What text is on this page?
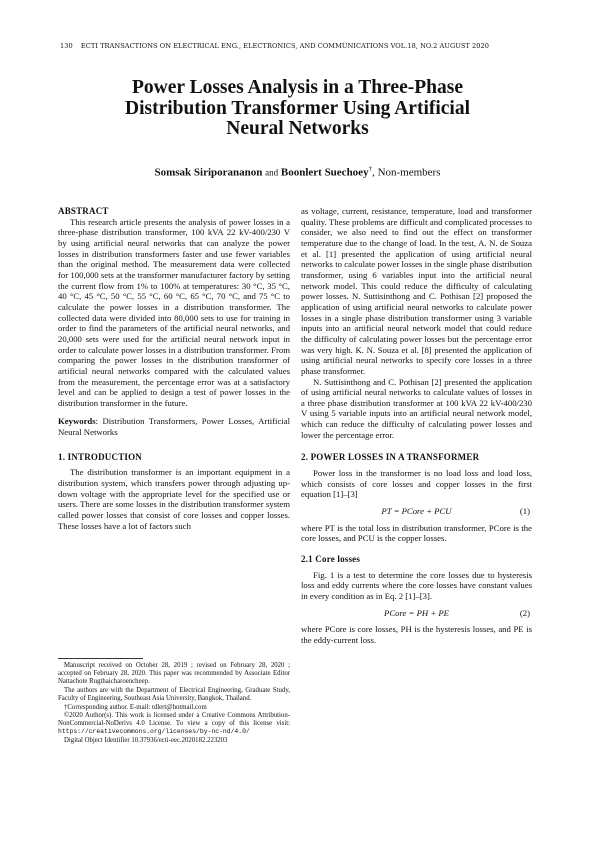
130 ECTI TRANSACTIONS ON ELECTRICAL ENG., ELECTRONICS, AND COMMUNICATIONS VOL.18, NO.2 AUGUST 2020
Power Losses Analysis in a Three-Phase
Distribution Transformer Using Artificial
Neural Networks
Somsak Siriporananon and Boonlert Suechoey†, Non-members
ABSTRACT

This research article presents the analysis of power losses in a three-phase distribution transformer, 100 kVA 22 kV-400/230 V by using artificial neural networks that can analyze the power losses in distribution transformers faster and use fewer variables than the original method. The measurement data were collected for 100,000 sets at the transformer manufacturer factory by setting the current flow from 1% to 100% at temperatures: 30 °C, 35 °C, 40 °C, 45 °C, 50 °C, 55 °C, 60 °C, 65 °C, 70 °C, and 75 °C to calculate the power losses in a distribution transformer. The collected data were divided into 80,000 sets to use for training in order to find the parameters of the artificial neural networks, and 20,000 sets were used for the artificial neural network input in order to calculate power losses in a distribution transformer. From comparing the power losses in the distribution transformer of artificial neural networks compared with the calculated values from the measurement, the percentage error was at a satisfactory level and can be applied to design a test of power losses in the distribution transformer in the future.

Keywords: Distribution Transformers, Power Losses, Artificial Neural Networks

1. INTRODUCTION

The distribution transformer is an important equipment in a distribution system, which transfers power through adjusting up-down voltage with the appropriate level for the specified use or users. There are some losses in the distribution transformer system called power losses that consist of core losses and copper losses. These losses have a lot of factors such

Manuscript received on October 28, 2019 ; revised on February 28, 2020 ; accepted on February 28, 2020. This paper was recommended by Associate Editor Nattachote Rugthaicharoencheep.

The authors are with the Department of Electrical Engineering, Graduate Study, Faculty of Engineering, Southeast Asia University, Bangkok, Thailand.

†Corresponding author. E-mail: tdlert@hotmail.com

©2020 Author(s). This work is licensed under a Creative Commons Attribution-NonCommercial-NoDerivs 4.0 License. To view a copy of this license visit: https://creativecommons.org/licenses/by-nc-nd/4.0/

Digital Object Identifier 10.37936/ecti-eec.2020182.223203

as voltage, current, resistance, temperature, load and transformer quality. These problems are difficult and complicated processes to consider, we also need to find out the effect on transformer temperature due to the change of load. In the test, A. N. de Souza et al. [1] presented the application of using artificial neural networks to calculate power losses in the single phase distribution transformer, using 6 variables input into the artificial neural network model. This could reduce the difficulty of calculating power losses. N. Suttisinthong and C. Pothisan [2] proposed the application of using artificial neural networks to calculate power losses in a single phase distribution transformer using 3 variable inputs into an artificial neural network model that could reduce the difficulty of calculating power losses but the percentage error was very high. K. N. Souza et al. [8] presented the application of using artificial neural networks to specify core losses in a three phase transformer.

N. Suttisinthong and C. Pothisan [2] presented the application of using artificial neural networks to calculate values of losses in a three phase distribution transformer at 100 kVA 22 kV-400/230 V using 5 variable inputs into an artificial neural network model, which can reduce the difficulty of calculating power losses and lower the percentage error.

2. POWER LOSSES IN A TRANSFORMER

Power loss in the transformer is no load loss and load loss, which consists of core losses and copper losses in the first equation [1]–[3]

PT = PCore + PCU	(1)

where PT is the total loss in distribution transformer, PCore is the core losses, and PCU is the copper losses.

2.1 Core losses

Fig. 1 is a test to determine the core losses due to hysteresis loss and eddy currents where the core losses have constant values in every condition as in Eq. 2 [1]–[3].

PCore = PH + PE	(2)

where PCore is core losses, PH is the hysteresis losses, and PE is the eddy-current loss.
